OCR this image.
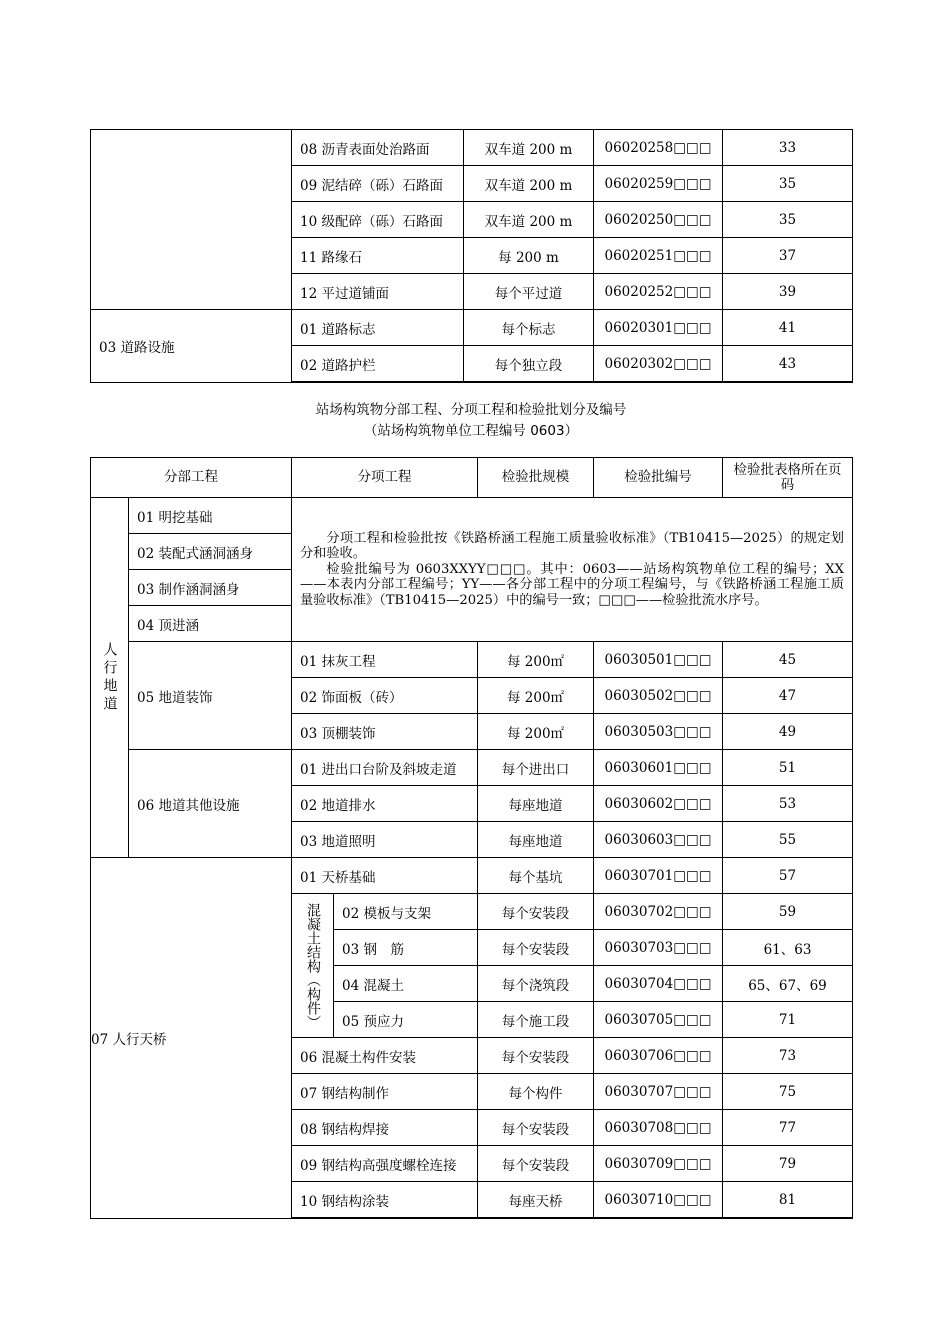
	08 沥青表面处治路面	双车道 200 m	06020258□□□	33
	09 泥结碎（砾）石路面	双车道 200 m	06020259□□□	35
	10 级配碎（砾）石路面	双车道 200 m	06020250□□□	35
	11 路缘石	每 200 m	06020251□□□	37
	12 平过道铺面	每个平过道	06020252□□□	39
03 道路设施	01 道路标志	每个标志	06020301□□□	41
	02 道路护栏	每个独立段	06020302□□□	43
站场构筑物分部工程、分项工程和检验批划分及编号
（站场构筑物单位工程编号 0603）
分部工程		分项工程		检验批规模	检验批编号	检验批表格所在页码
人行地道	01 明挖基础	分项工程和检验批按《铁路桥涵工程施工质量验收标准》（TB10415—2025）的规定划分和验收。

检验批编号为 0603XXYY□□□。其中：0603——站场构筑物单位工程的编号；XX——本表内分部工程编号；YY——各分部工程中的分项工程编号，与《铁路桥涵工程施工质量验收标准》（TB10415—2025）中的编号一致；□□□——检验批流水序号。				

	02 装配式涵洞涵身					
	03 制作涵洞涵身					
	04 顶进涵					
	05 地道装饰	01 抹灰工程		每 200㎡	06030501□□□	45
		02 饰面板（砖）		每 200㎡	06030502□□□	47
		03 顶棚装饰		每 200㎡	06030503□□□	49
	06 地道其他设施	01 进出口台阶及斜坡走道		每个进出口	06030601□□□	51
		02 地道排水		每座地道	06030602□□□	53
		03 地道照明		每座地道	06030603□□□	55
07 人行天桥		01 天桥基础		每个基坑	06030701□□□	57
		混凝土结构（构件）	02 模板与支架	每个安装段	06030702□□□	59
			03 钢　筋	每个安装段	06030703□□□	61、63
			04 混凝土	每个浇筑段	06030704□□□	65、67、69
			05 预应力	每个施工段	06030705□□□	71
		06 混凝土构件安装		每个安装段	06030706□□□	73
		07 钢结构制作		每个构件	06030707□□□	75
		08 钢结构焊接		每个安装段	06030708□□□	77
		09 钢结构高强度螺栓连接		每个安装段	06030709□□□	79
		10 钢结构涂装		每座天桥	06030710□□□	81
